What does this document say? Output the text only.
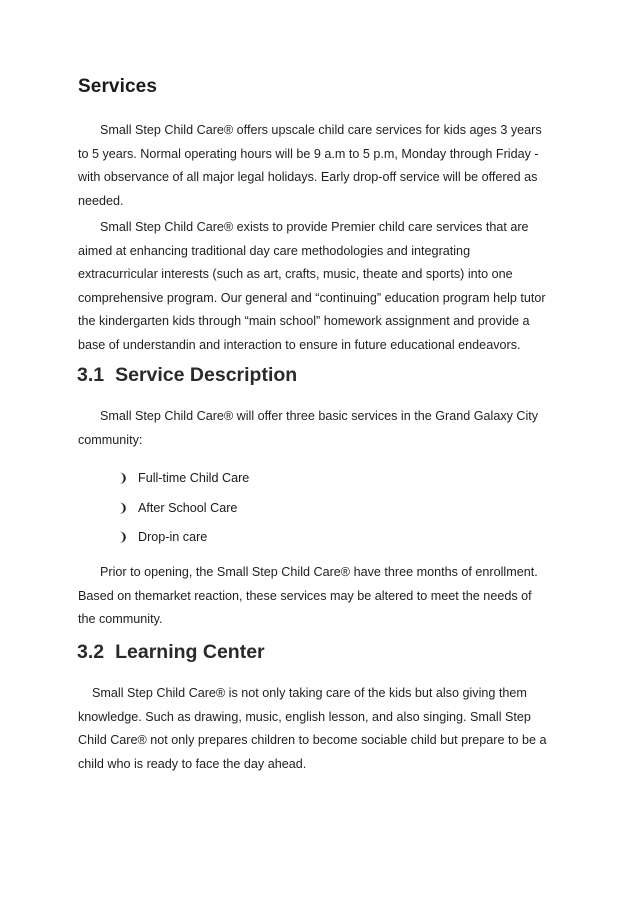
Services

Small Step Child Care® offers upscale child care services for kids ages 3 years
to 5 years. Normal operating hours will be 9 a.m to 5 p.m, Monday through Friday -
with observance of all major legal holidays. Early drop-off service will be offered as
needed.

Small Step Child Care® exists to provide Premier child care services that are
aimed at enhancing traditional day care methodologies and integrating
extracurricular interests (such as art, crafts, music, theate and sports) into one
comprehensive program. Our general and “continuing” education program help tutor
the kindergarten kids through “main school” homework assignment and provide a
base of understandin and interaction to ensure in future educational endeavors.

3.1 Service Description

Small Step Child Care® will offer three basic services in the Grand Galaxy City
community:

❩ Full-time Child Care
❩ After School Care
❩ Drop-in care

Prior to opening, the Small Step Child Care® have three months of enrollment.
Based on themarket reaction, these services may be altered to meet the needs of
the community.

3.2 Learning Center

Small Step Child Care® is not only taking care of the kids but also giving them
knowledge. Such as drawing, music, english lesson, and also singing. Small Step
Child Care® not only prepares children to become sociable child but prepare to be a
child who is ready to face the day ahead.
